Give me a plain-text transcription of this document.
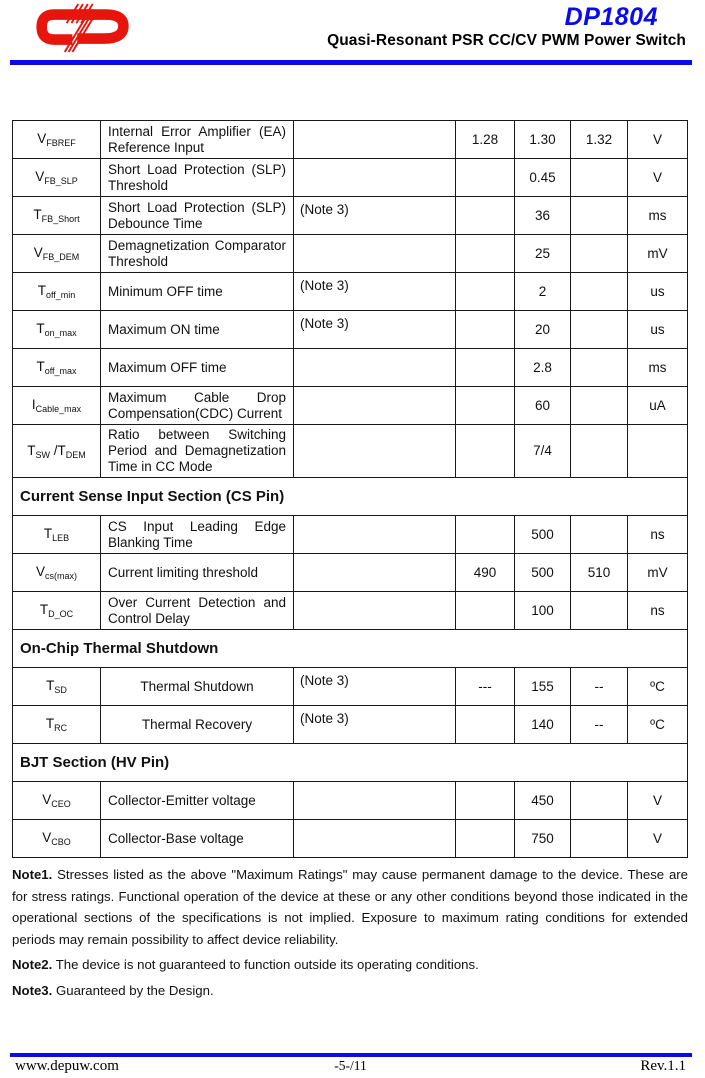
DP1804
Quasi-Resonant PSR CC/CV PWM Power Switch
$V_{FBREF}$	Internal Error Amplifier (EA) Reference Input		1.28	1.30	1.32	V
$V_{FB\_SLP}$	Short Load Protection (SLP) Threshold			0.45		V
$T_{FB\_Short}$	Short Load Protection (SLP) Debounce Time	(Note 3)		36		ms
$V_{FB\_DEM}$	Demagnetization Comparator Threshold			25		mV
$T_{off\_min}$	Minimum OFF time	(Note 3)		2		us
$T_{on\_max}$	Maximum ON time	(Note 3)		20		us
$T_{off\_max}$	Maximum OFF time			2.8		ms
$I_{Cable\_max}$	Maximum Cable Drop Compensation(CDC) Current			60		uA
$T_{SW}$ $/T_{DEM}$	Ratio between Switching Period and Demagnetization Time in CC Mode			7/4		
Current Sense Input Section (CS Pin)						
$T_{LEB}$	CS Input Leading Edge Blanking Time			500		ns
$V_{cs(max)}$	Current limiting threshold		490	500	510	mV
$T_{D\_OC}$	Over Current Detection and Control Delay			100		ns
On-Chip Thermal Shutdown						
$T_{SD}$	Thermal Shutdown	(Note 3)	---	155	--	ºC
$T_{RC}$	Thermal Recovery	(Note 3)		140	--	ºC
BJT Section (HV Pin)						
$V_{CEO}$	Collector-Emitter voltage			450		V
$V_{CBO}$	Collector-Base voltage			750		V

Note1. Stresses listed as the above "Maximum Ratings" may cause permanent damage to the device. These are for stress ratings. Functional operation of the device at these or any other conditions beyond those indicated in the operational sections of the specifications is not implied. Exposure to maximum rating conditions for extended periods may remain possibility to affect device reliability.

Note2. The device is not guaranteed to function outside its operating conditions.

Note3. Guaranteed by the Design.

www.depuw.com	-5-/11	Rev.1.1
